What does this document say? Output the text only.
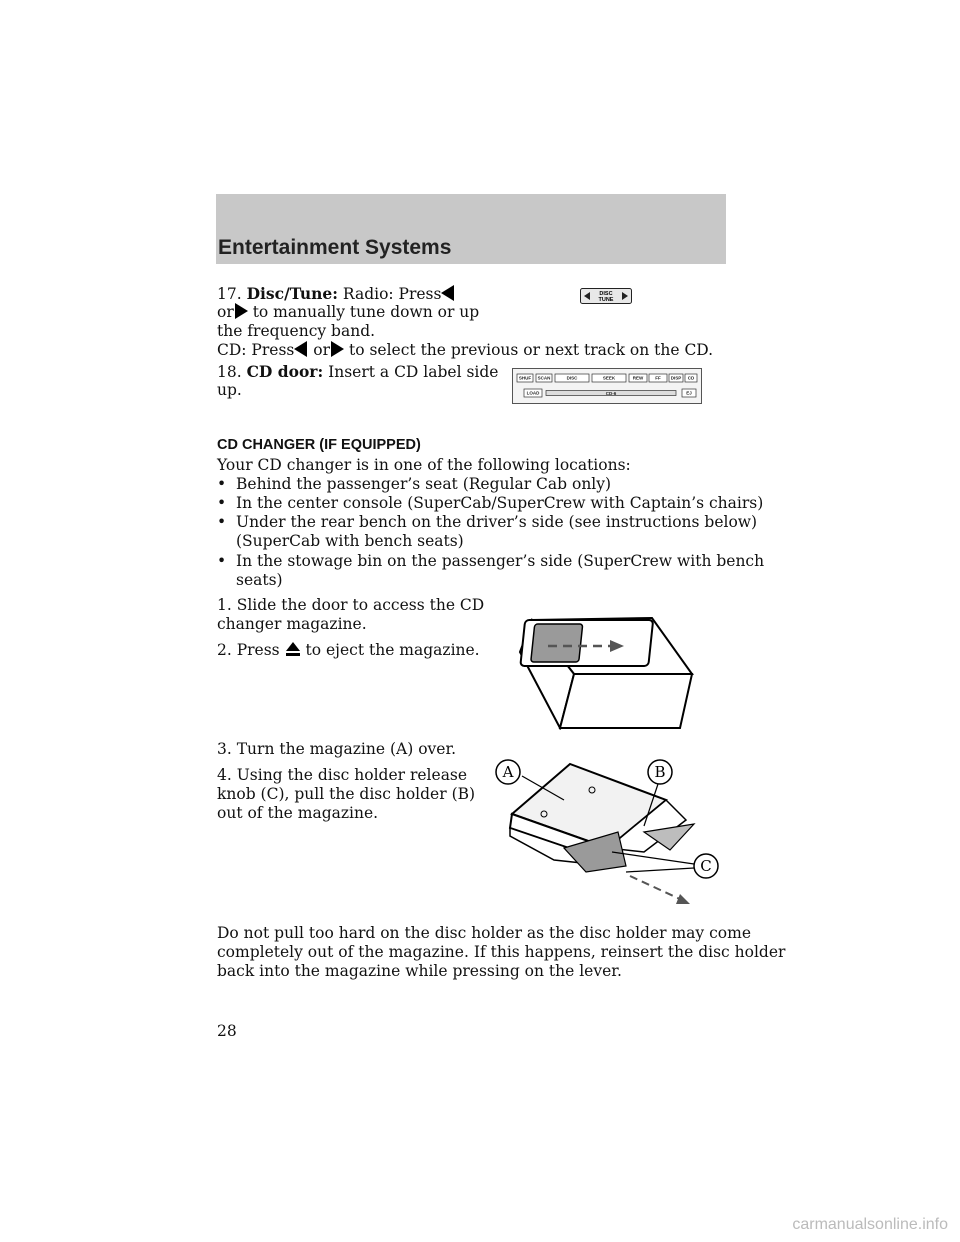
Entertainment Systems
17. Disc/Tune: Radio: Press
or to manually tune down or up
the frequency band.
CD: Press or to select the previous or next track on the CD.
DISC
TUNE
18. CD door: Insert a CD label side
up.
SHUF SCAN	DISC	SEEK	REW	FF DISP CD
LOAD	CD-6	EJ
CD CHANGER (IF EQUIPPED)
Your CD changer is in one of the following locations:
• Behind the passenger’s seat (Regular Cab only)
• In the center console (SuperCab/SuperCrew with Captain’s chairs)
• Under the rear bench on the driver’s side (see instructions below)
(SuperCab with bench seats)
• In the stowage bin on the passenger’s side (SuperCrew with bench
seats)
1. Slide the door to access the CD
changer magazine.
2. Press to eject the magazine.
3. Turn the magazine (A) over.
4. Using the disc holder release
knob (C), pull the disc holder (B)
out of the magazine.
A	B
C
Do not pull too hard on the disc holder as the disc holder may come
completely out of the magazine. If this happens, reinsert the disc holder
back into the magazine while pressing on the lever.
28
carmanualsonline.info
